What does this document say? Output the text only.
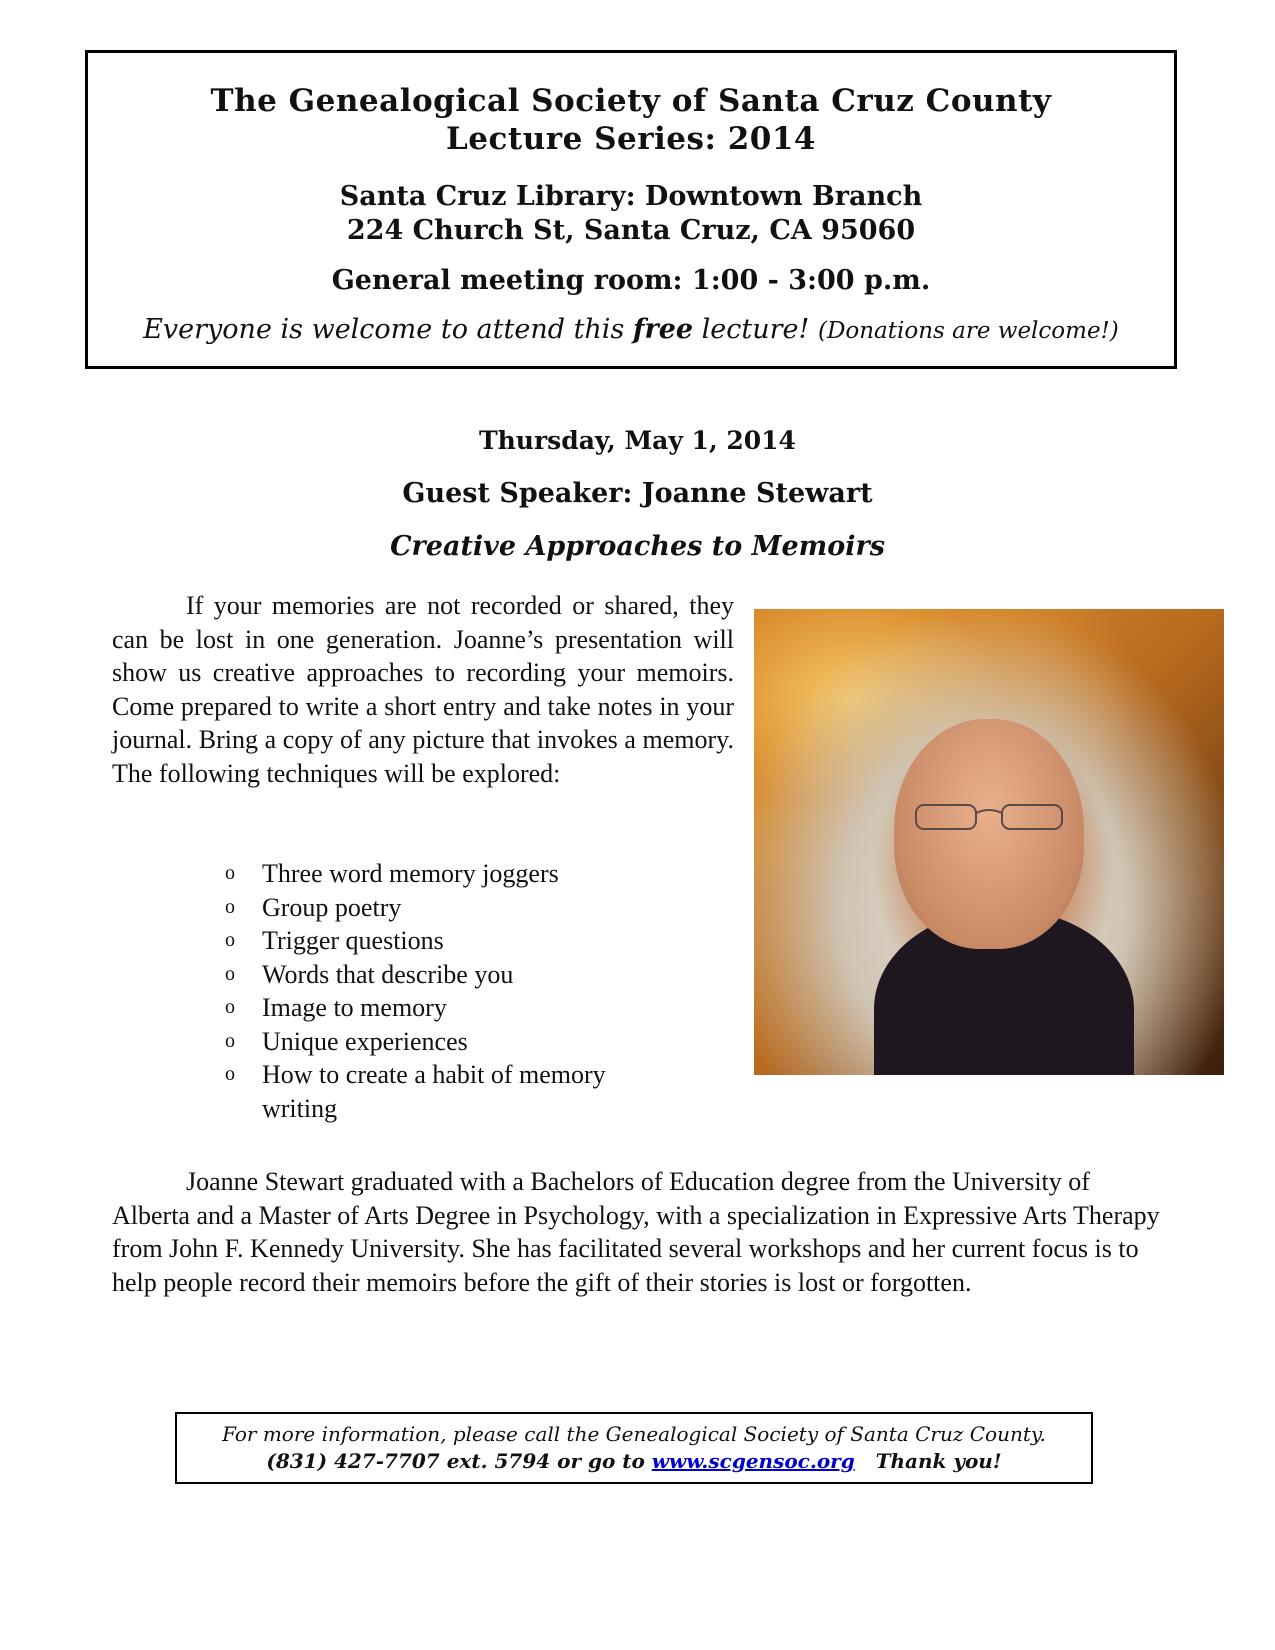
The Genealogical Society of Santa Cruz County
Lecture Series: 2014
Santa Cruz Library: Downtown Branch
224 Church St, Santa Cruz, CA 95060
General meeting room: 1:00 - 3:00 p.m.
Everyone is welcome to attend this free lecture! (Donations are welcome!)
Thursday, May 1, 2014
Guest Speaker: Joanne Stewart
Creative Approaches to Memoirs

If your memories are not recorded or shared, they can be lost in one generation. Joanne’s presentation will show us creative approaches to recording your memoirs. Come prepared to write a short entry and take notes in your journal. Bring a copy of any picture that invokes a memory. The following techniques will be explored:

o Three word memory joggers
o Group poetry
o Trigger questions
o Words that describe you
o Image to memory
o Unique experiences
o How to create a habit of memory writing

Joanne Stewart graduated with a Bachelors of Education degree from the University of Alberta and a Master of Arts Degree in Psychology, with a specialization in Expressive Arts Therapy from John F. Kennedy University. She has facilitated several workshops and her current focus is to help people record their memoirs before the gift of their stories is lost or forgotten.

For more information, please call the Genealogical Society of Santa Cruz County.
(831) 427-7707 ext. 5794 or go to www.scgensoc.org Thank you!
